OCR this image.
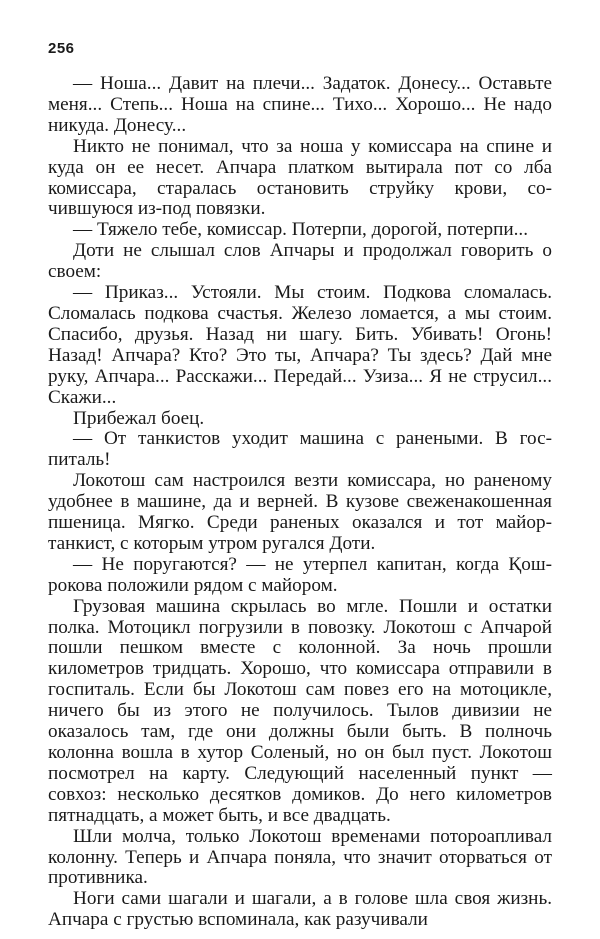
256

— Ноша... Давит на плечи... Задаток. Донесу... Оставьте меня... Степь... Ноша на спине... Тихо... Хорошо... Не надо никуда. Донесу...

Никто не понимал, что за ноша у комиссара на спине и куда он ее несет. Апчара платком вытирала пот со лба комиссара, старалась остановить струйку крови, сочившуюся из-под повязки.

— Тяжело тебе, комиссар. Потерпи, дорогой, потерпи...

Доти не слышал слов Апчары и продолжал говорить о своем:

— Приказ... Устояли. Мы стоим. Подкова сломалась. Сломалась подкова счастья. Железо ломается, а мы стоим. Спасибо, друзья. Назад ни шагу. Бить. Убивать! Огонь! Назад! Апчара? Кто? Это ты, Апчара? Ты здесь? Дай мне руку, Апчара... Расскажи... Передай... Узиза... Я не струсил... Скажи...

Прибежал боец.

— От танкистов уходит машина с ранеными. В госпиталь!

Локотош сам настроился везти комиссара, но раненому удобнее в машине, да и верней. В кузове свеженакошенная пшеница. Мягко. Среди раненых оказался и тот майор-танкист, с которым утром ругался Доти.

— Не поругаются? — не утерпел капитан, когда Қошрокова положили рядом с майором.

Грузовая машина скрылась во мгле. Пошли и остатки полка. Мотоцикл погрузили в повозку. Локотош с Апчарой пошли пешком вместе с колонной. За ночь прошли километров тридцать. Хорошо, что комиссара отправили в госпиталь. Если бы Локотош сам повез его на мотоцикле, ничего бы из этого не получилось. Тылов дивизии не оказалось там, где они должны были быть. В полночь колонна вошла в хутор Соленый, но он был пуст. Локотош посмотрел на карту. Следующий населенный пункт — совхоз: несколько десятков домиков. До него километров пятнадцать, а может быть, и все двадцать.

Шли молча, только Локотош временами потороапливал колонну. Теперь и Апчара поняла, что значит оторваться от противника.

Ноги сами шагали и шагали, а в голове шла своя жизнь. Апчара с грустью вспоминала, как разучивали
